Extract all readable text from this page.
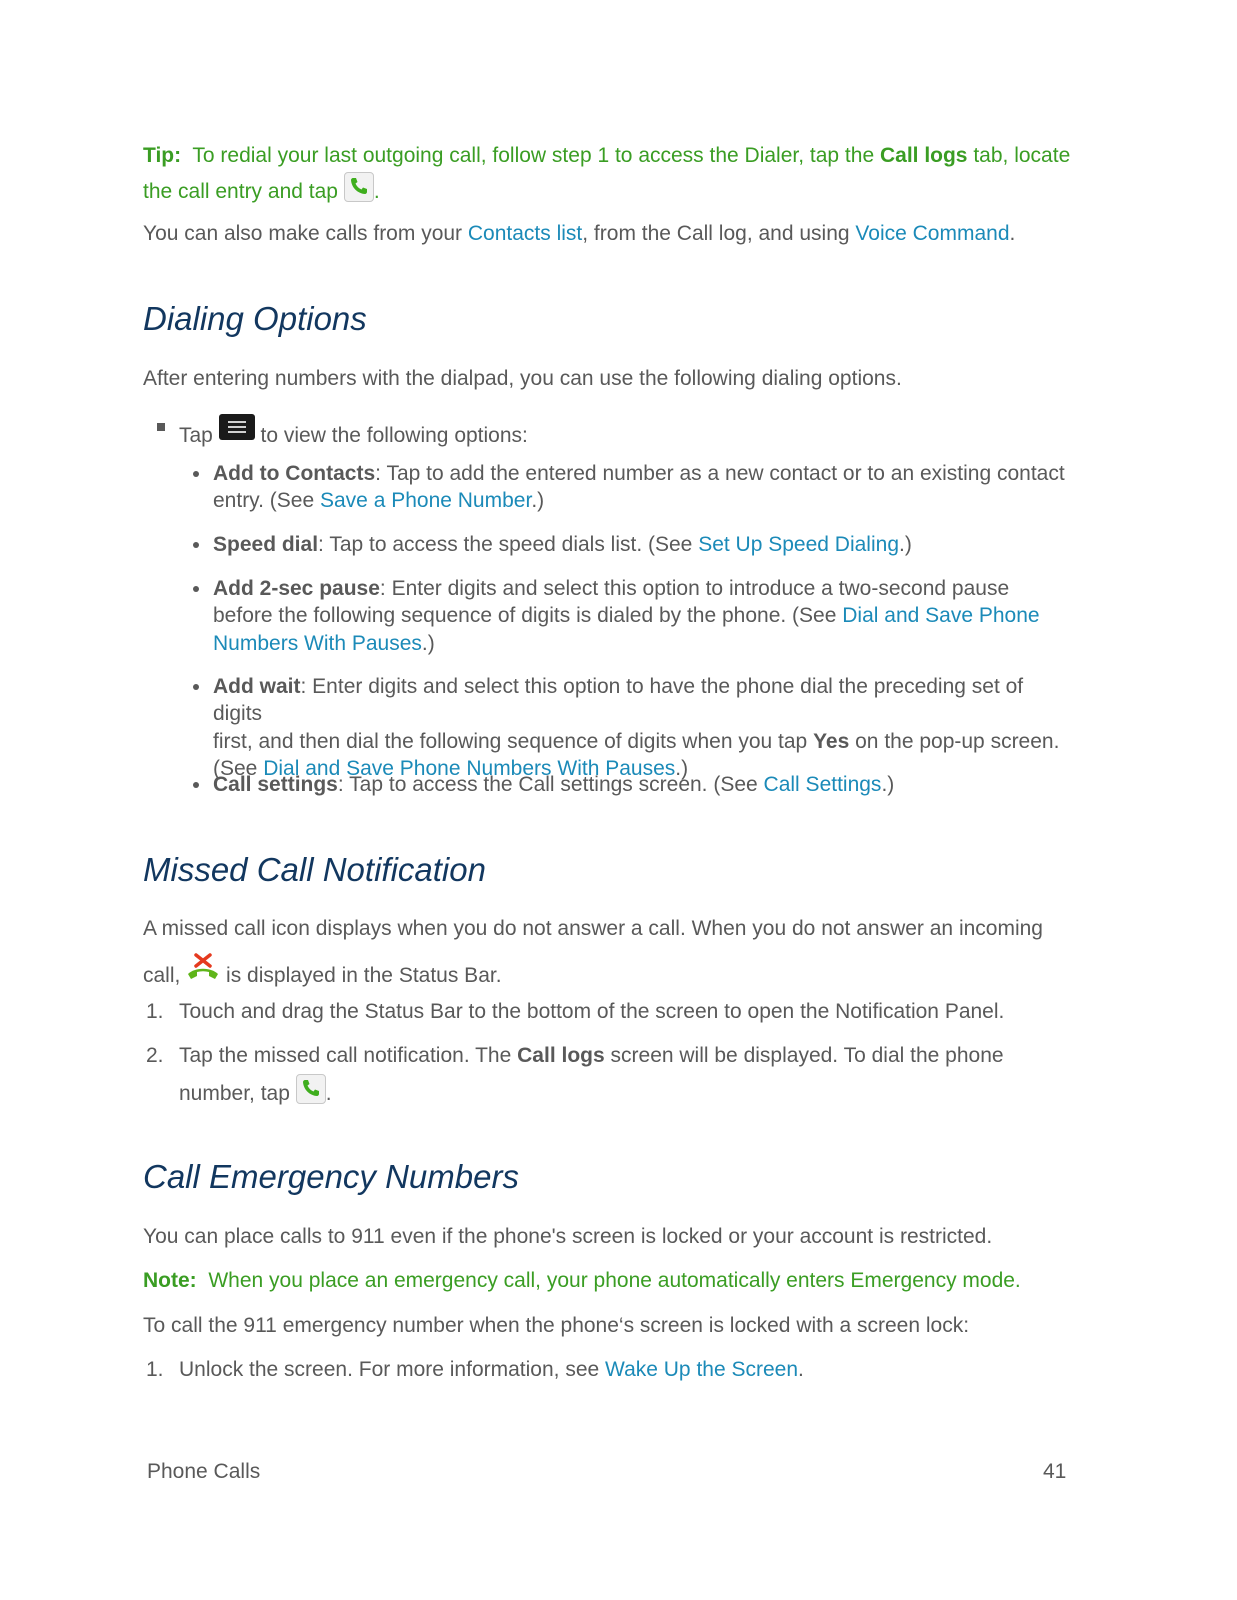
Tip: To redial your last outgoing call, follow step 1 to access the Dialer, tap the Call logs tab, locate
the call entry and tap .
You can also make calls from your Contacts list, from the Call log, and using Voice Command.
Dialing Options
After entering numbers with the dialpad, you can use the following dialing options.
Tap to view the following options:
Add to Contacts: Tap to add the entered number as a new contact or to an existing contact
entry. (See Save a Phone Number.)
Speed dial: Tap to access the speed dials list. (See Set Up Speed Dialing.)
Add 2-sec pause: Enter digits and select this option to introduce a two-second pause
before the following sequence of digits is dialed by the phone. (See Dial and Save Phone
Numbers With Pauses.)
Add wait: Enter digits and select this option to have the phone dial the preceding set of digits
first, and then dial the following sequence of digits when you tap Yes on the pop-up screen.
(See Dial and Save Phone Numbers With Pauses.)
Call settings: Tap to access the Call settings screen. (See Call Settings.)
Missed Call Notification
A missed call icon displays when you do not answer a call. When you do not answer an incoming
call, is displayed in the Status Bar.
1. Touch and drag the Status Bar to the bottom of the screen to open the Notification Panel.
2. Tap the missed call notification. The Call logs screen will be displayed. To dial the phone
number, tap .
Call Emergency Numbers
You can place calls to 911 even if the phone's screen is locked or your account is restricted.
Note: When you place an emergency call, your phone automatically enters Emergency mode.
To call the 911 emergency number when the phone‘s screen is locked with a screen lock:
1. Unlock the screen. For more information, see Wake Up the Screen.
Phone Calls	41
